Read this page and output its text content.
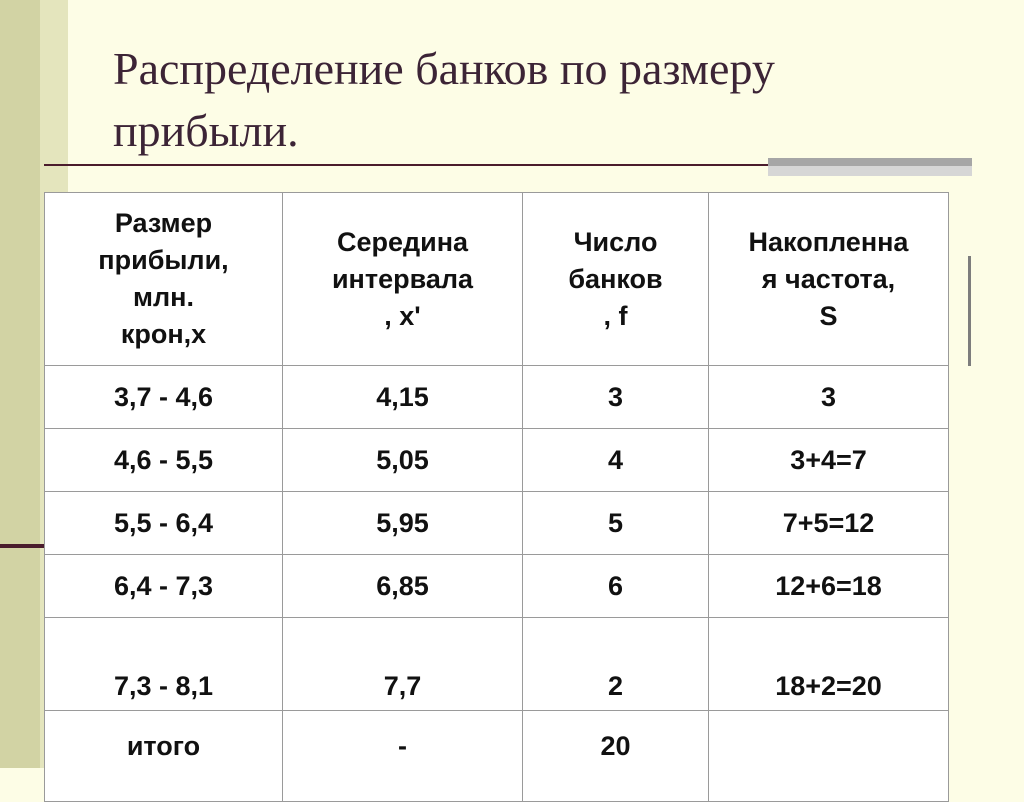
Распределение банков по размеру прибыли.
Размер
прибыли,
млн.
крон,x	Середина
интервала
, x'	Число
банков
, f	Накопленна
я частота,
S

3,7 - 4,6	4,15	3	3
4,6 - 5,5	5,05	4	3+4=7
5,5 - 6,4	5,95	5	7+5=12
6,4 - 7,3	6,85	6	12+6=18
7,3 - 8,1	7,7	2	18+2=20
итого	-	20	
